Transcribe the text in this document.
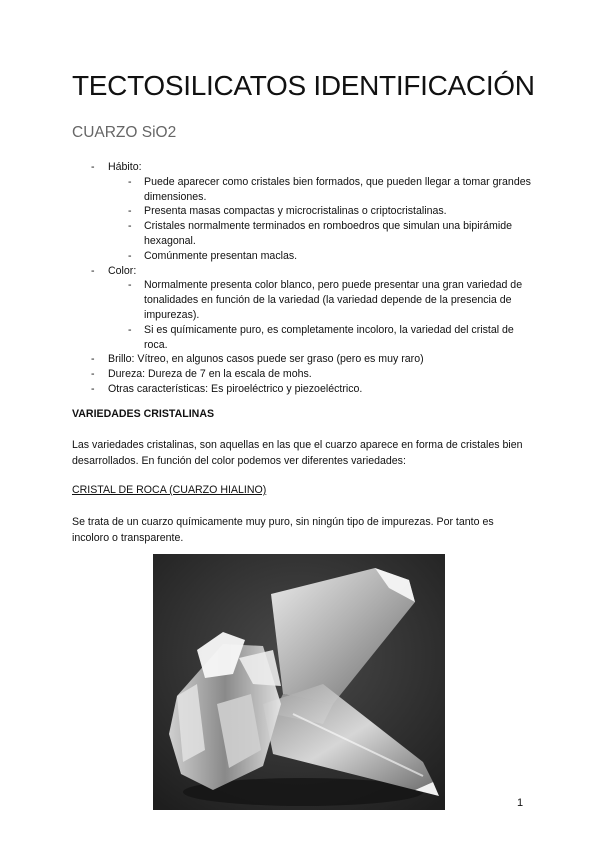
TECTOSILICATOS IDENTIFICACIÓN
CUARZO SiO2
- Hábito:
- Puede aparecer como cristales bien formados, que pueden llegar a tomar grandes dimensiones.
- Presenta masas compactas y microcristalinas o criptocristalinas.
- Cristales normalmente terminados en romboedros que simulan una bipirámide hexagonal.
- Comúnmente presentan maclas.
- Color:
- Normalmente presenta color blanco, pero puede presentar una gran variedad de tonalidades en función de la variedad (la variedad depende de la presencia de impurezas).
- Si es químicamente puro, es completamente incoloro, la variedad del cristal de roca.
- Brillo: Vítreo, en algunos casos puede ser graso (pero es muy raro)
- Dureza: Dureza de 7 en la escala de mohs.
- Otras características: Es piroeléctrico y piezoeléctrico.

VARIEDADES CRISTALINAS

Las variedades cristalinas, son aquellas en las que el cuarzo aparece en forma de cristales bien desarrollados. En función del color podemos ver diferentes variedades:

CRISTAL DE ROCA (CUARZO HIALINO)

Se trata de un cuarzo químicamente muy puro, sin ningún tipo de impurezas. Por tanto es incoloro o transparente.

1
